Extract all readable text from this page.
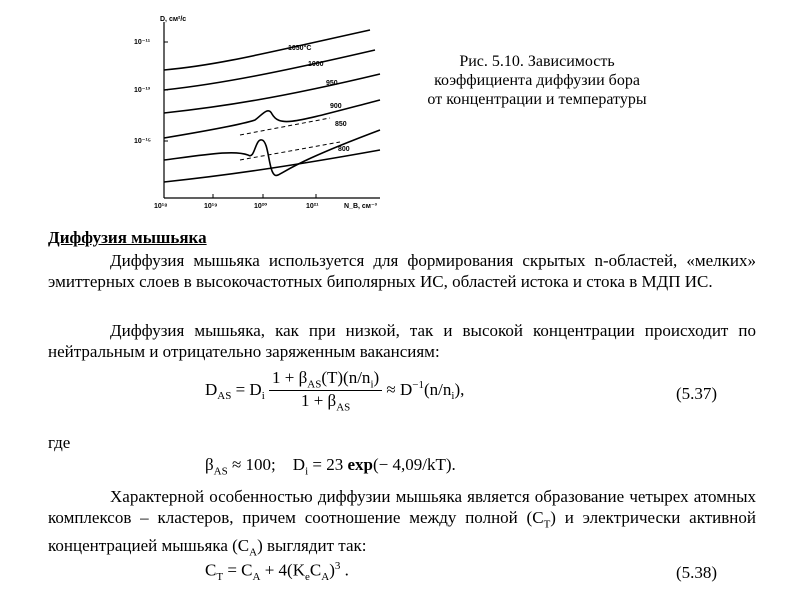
D, см²/с
10⁻¹¹
10⁻¹³
10⁻¹⁵
10¹⁸	10¹⁹	10²⁰	10²¹	N_B, см⁻³
1050°С
1000
950
900
850
800
Рис. 5.10. Зависимость
коэффициента диффузии бора
от концентрации и температуры
Диффузия мышьяка
Диффузия мышьяка используется для формирования скрытых n-областей, «мелких» эмиттерных слоев в высокочастотных биполярных ИС, областей истока и стока в МДП ИС.
Диффузия мышьяка, как при низкой, так и высокой концентрации происходит по нейтральным и отрицательно заряженным вакансиям:
$D_{AS} = D_i \frac{1 + \beta_{AS}(T)(n/n_i)}{1 + \beta_{AS}} \approx D^{-1}(n/n_i)$,	(5.37)
где
$\beta_{AS} \approx 100$;    $D_i = 23$ exp(− 4,09/kT).
Характерной особенностью диффузии мышьяка является образование четырех атомных комплексов – кластеров, причем соотношение между полной $(C_T)$ и электрически активной концентрацией мышьяка $(C_A)$ выглядит так:
$C_T = C_A + 4(K_eC_A)^3$ .	(5.38)
